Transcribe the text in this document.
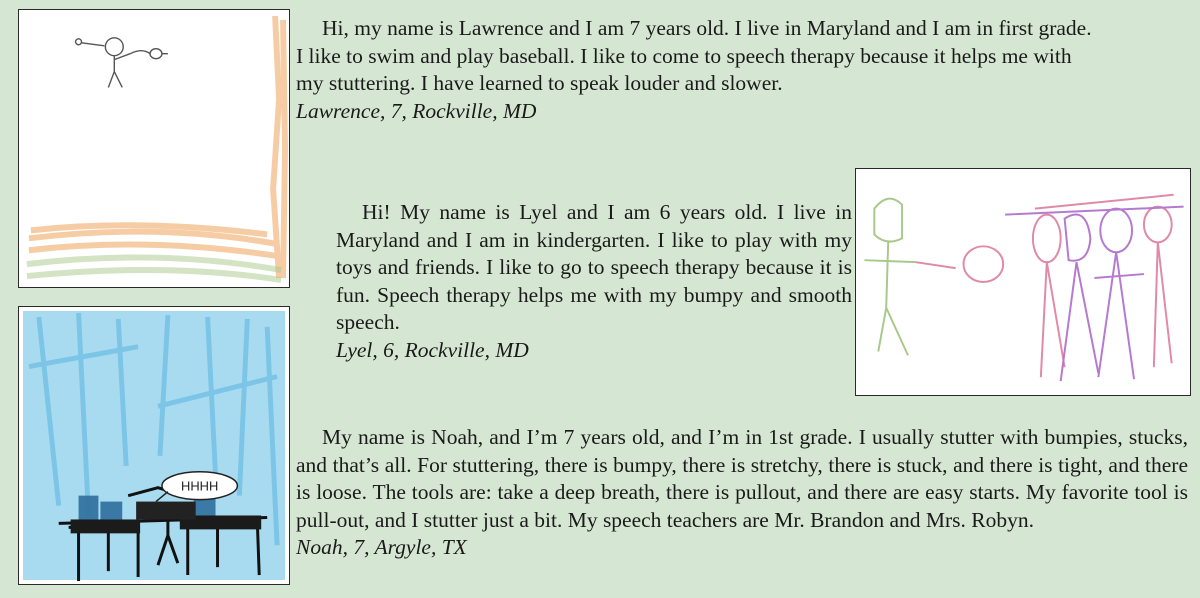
HHHH

Hi, my name is Lawrence and I am 7 years old. I live in Maryland and I am in first grade. I like to swim and play baseball. I like to come to speech therapy because it helps me with my stuttering. I have learned to speak louder and slower.

Lawrence, 7, Rockville, MD

Hi! My name is Lyel and I am 6 years old. I live in Maryland and I am in kindergarten. I like to play with my toys and friends. I like to go to speech therapy because it is fun. Speech therapy helps me with my bumpy and smooth speech.

Lyel, 6, Rockville, MD

My name is Noah, and I’m 7 years old, and I’m in 1st grade. I usually stutter with bumpies, stucks, and that’s all. For stuttering, there is bumpy, there is stretchy, there is stuck, and there is tight, and there is loose. The tools are: take a deep breath, there is pullout, and there are easy starts. My favorite tool is pull-out, and I stutter just a bit. My speech teachers are Mr. Brandon and Mrs. Robyn.

Noah, 7, Argyle, TX
